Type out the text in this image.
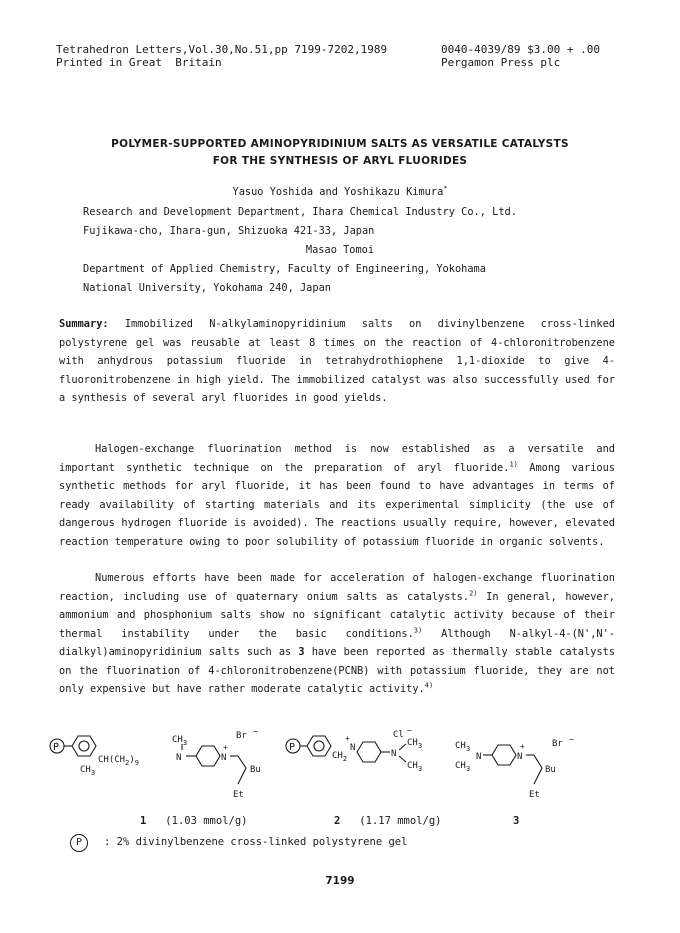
Tetrahedron Letters,Vol.30,No.51,pp 7199-7202,1989
Printed in Great  Britain
0040-4039/89 $3.00 + .00
Pergamon Press plc
POLYMER-SUPPORTED AMINOPYRIDINIUM SALTS AS VERSATILE CATALYSTS
FOR THE SYNTHESIS OF ARYL FLUORIDES
Yasuo Yoshida and Yoshikazu Kimura*
Research and Development Department, Ihara Chemical Industry Co., Ltd.
Fujikawa-cho, Ihara-gun, Shizuoka 421-33, Japan
Masao Tomoi
Department of Applied Chemistry, Faculty of Engineering, Yokohama
National University, Yokohama 240, Japan

Summary: Immobilized N-alkylaminopyridinium salts on divinylbenzene cross-linked polystyrene gel was reusable at least 8 times on the reaction of 4-chloronitrobenzene with anhydrous potassium fluoride in tetrahydrothiophene 1,1-dioxide to give 4-fluoronitrobenzene in high yield. The immobilized catalyst was also successfully used for a synthesis of several aryl fluorides in good yields.

Halogen-exchange fluorination method is now established as a versatile and important synthetic technique on the preparation of aryl fluoride.$^{1)}$ Among various synthetic methods for aryl fluoride, it has been found to have advantages in terms of ready availability of starting materials and its experimental simplicity (the use of dangerous hydrogen fluoride is avoided). The reactions usually require, however, elevated reaction temperature owing to poor solubility of potassium fluoride in organic solvents.

Numerous efforts have been made for acceleration of halogen-exchange fluorination reaction, including use of quaternary onium salts as catalysts.$^{2)}$ In general, however, ammonium and phosphonium salts show no significant catalytic activity because of their thermal instability under the basic conditions.$^{3)}$ Although N-alkyl-4-(N',N'-dialkyl)aminopyridinium salts such as 3 have been reported as thermally stable catalysts on the fluorination of 4-chloronitrobenzene(PCNB) with potassium fluoride, they are not only expensive but have rather moderate catalytic activity.$^{4)}$

P
CH 3
$CH(CH_2)_9$
CH 3
N	N
+
Bu
Et
Br −
P
$CH_2$
N
+
N
Cl −
CH 3
CH 3
CH 3
CH 3
N	N
+
Bu
Et
Br −
1 (1.03 mmol/g)	2 (1.17 mmol/g)	3
P	: 2% divinylbenzene cross-linked polystyrene gel
7199
